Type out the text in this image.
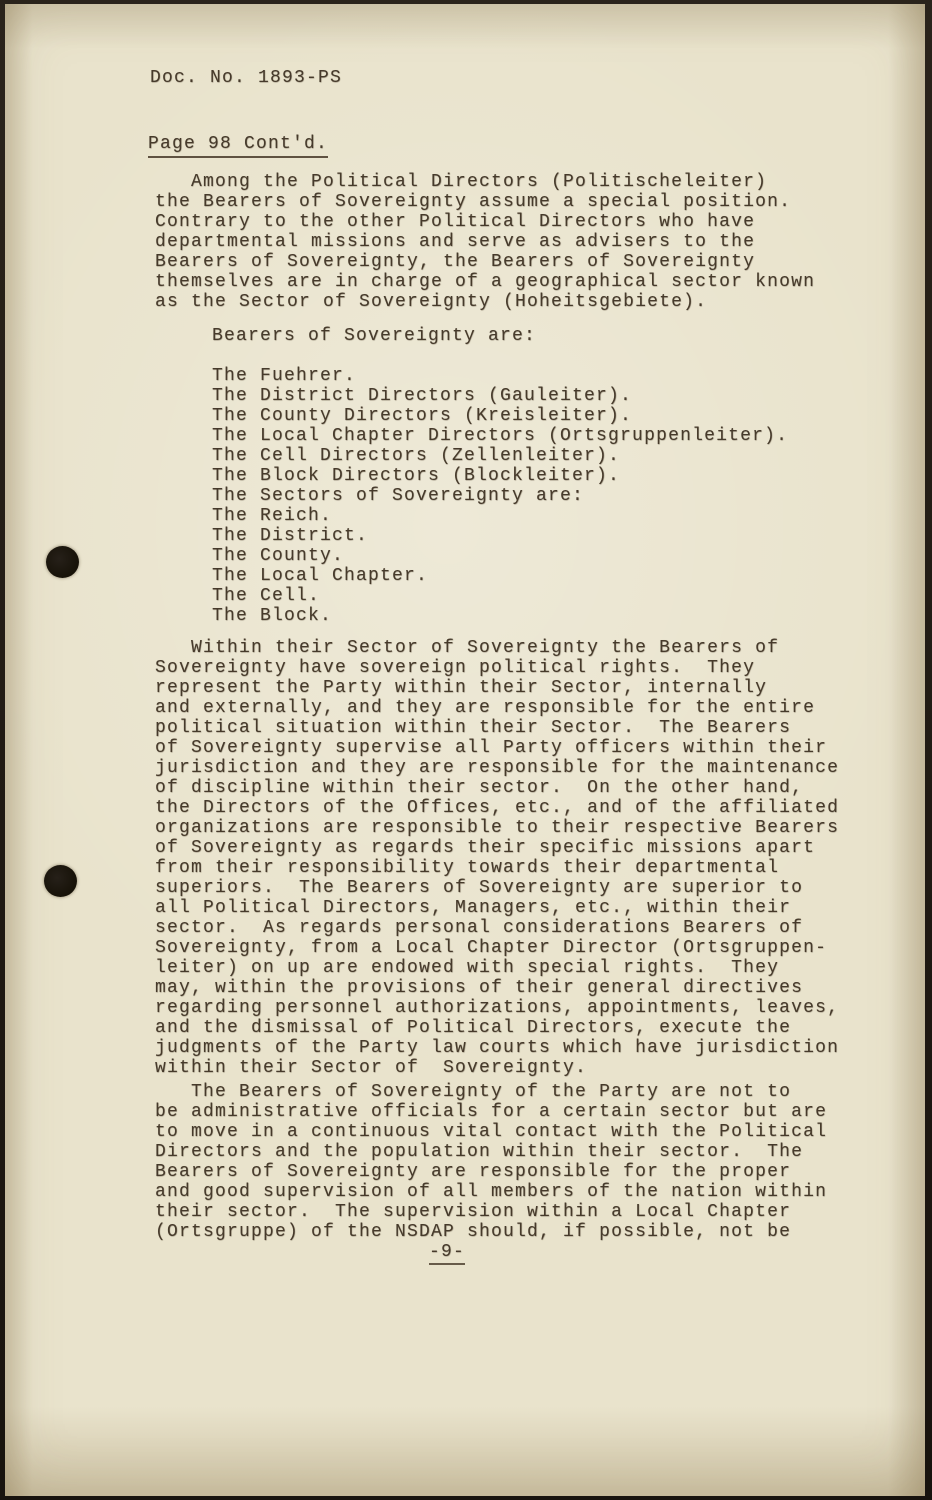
Doc. No. 1893-PS
Page 98 Cont'd.
Among the Political Directors (Politischeleiter)
the Bearers of Sovereignty assume a special position.
Contrary to the other Political Directors who have
departmental missions and serve as advisers to the
Bearers of Sovereignty, the Bearers of Sovereignty
themselves are in charge of a geographical sector known
as the Sector of Sovereignty (Hoheitsgebiete).
Bearers of Sovereignty are:
The Fuehrer.
The District Directors (Gauleiter).
The County Directors (Kreisleiter).
The Local Chapter Directors (Ortsgruppenleiter).
The Cell Directors (Zellenleiter).
The Block Directors (Blockleiter).
The Sectors of Sovereignty are:
The Reich.
The District.
The County.
The Local Chapter.
The Cell.
The Block.
Within their Sector of Sovereignty the Bearers of
Sovereignty have sovereign political rights.  They
represent the Party within their Sector, internally
and externally, and they are responsible for the entire
political situation within their Sector.  The Bearers
of Sovereignty supervise all Party officers within their
jurisdiction and they are responsible for the maintenance
of discipline within their sector.  On the other hand,
the Directors of the Offices, etc., and of the affiliated
organizations are responsible to their respective Bearers
of Sovereignty as regards their specific missions apart
from their responsibility towards their departmental
superiors.  The Bearers of Sovereignty are superior to
all Political Directors, Managers, etc., within their
sector.  As regards personal considerations Bearers of
Sovereignty, from a Local Chapter Director (Ortsgruppen-
leiter) on up are endowed with special rights.  They
may, within the provisions of their general directives
regarding personnel authorizations, appointments, leaves,
and the dismissal of Political Directors, execute the
judgments of the Party law courts which have jurisdiction
within their Sector of  Sovereignty.
The Bearers of Sovereignty of the Party are not to
be administrative officials for a certain sector but are
to move in a continuous vital contact with the Political
Directors and the population within their sector.  The
Bearers of Sovereignty are responsible for the proper
and good supervision of all members of the nation within
their sector.  The supervision within a Local Chapter
(Ortsgruppe) of the NSDAP should, if possible, not be
-9-
